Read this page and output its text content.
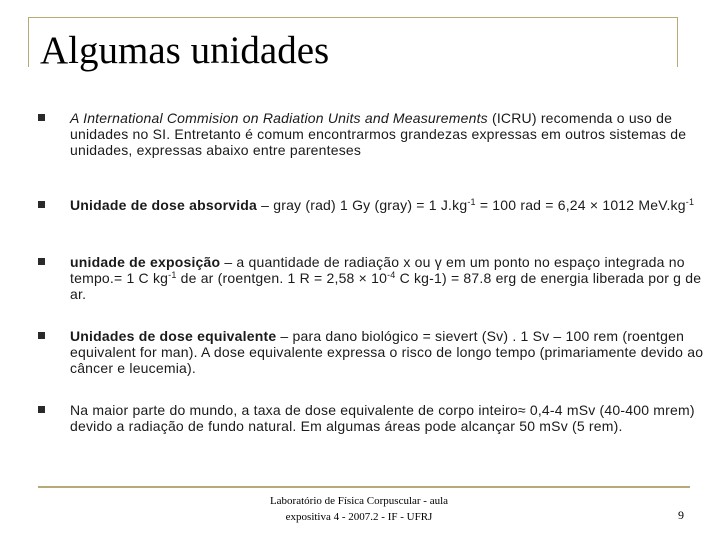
Algumas unidades
A International Commision on Radiation Units and Measurements (ICRU) recomenda o uso de unidades no SI. Entretanto é comum encontrarmos grandezas expressas em outros sistemas de unidades, expressas abaixo entre parenteses
Unidade de dose absorvida – gray (rad) 1 Gy (gray) = 1 $J.kg^{-1} = 100$ rad = 6,24 × 1012 $MeV.kg^{-1}$
unidade de exposição – a quantidade de radiação x ou γ em um ponto no espaço integrada no tempo.= 1 C $kg^{-1}$ de ar (roentgen. 1 $R = 2,58 \times 10^{-4}$ C kg-1) = 87.8 erg de energia liberada por g de ar.
Unidades de dose equivalente – para dano biológico = sievert (Sv) . 1 Sv – 100 rem (roentgen equivalent for man). A dose equivalente expressa o risco de longo tempo (primariamente devido ao câncer e leucemia).
Na maior parte do mundo, a taxa de dose equivalente de corpo inteiro≈ 0,4-4 mSv (40-400 mrem) devido a radiação de fundo natural. Em algumas áreas pode alcançar 50 mSv (5 rem).
Laboratório de Física Corpuscular - aula
expositiva 4 - 2007.2 - IF - UFRJ	9
